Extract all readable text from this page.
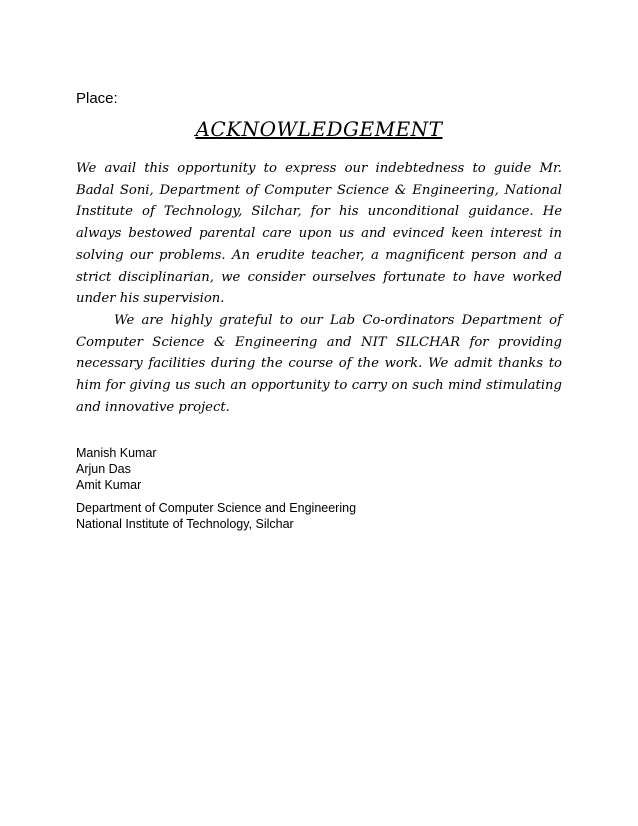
Place:
ACKNOWLEDGEMENT

We avail this opportunity to express our indebtedness to guide Mr. Badal Soni, Department of Computer Science & Engineering, National Institute of Technology, Silchar, for his unconditional guidance. He always bestowed parental care upon us and evinced keen interest in solving our problems. An erudite teacher, a magnificent person and a strict disciplinarian, we consider ourselves fortunate to have worked under his supervision.

We are highly grateful to our Lab Co-ordinators Department of Computer Science & Engineering and NIT SILCHAR for providing necessary facilities during the course of the work. We admit thanks to him for giving us such an opportunity to carry on such mind stimulating and innovative project.

Manish Kumar
Arjun Das
Amit Kumar
Department of Computer Science and Engineering
National Institute of Technology, Silchar
